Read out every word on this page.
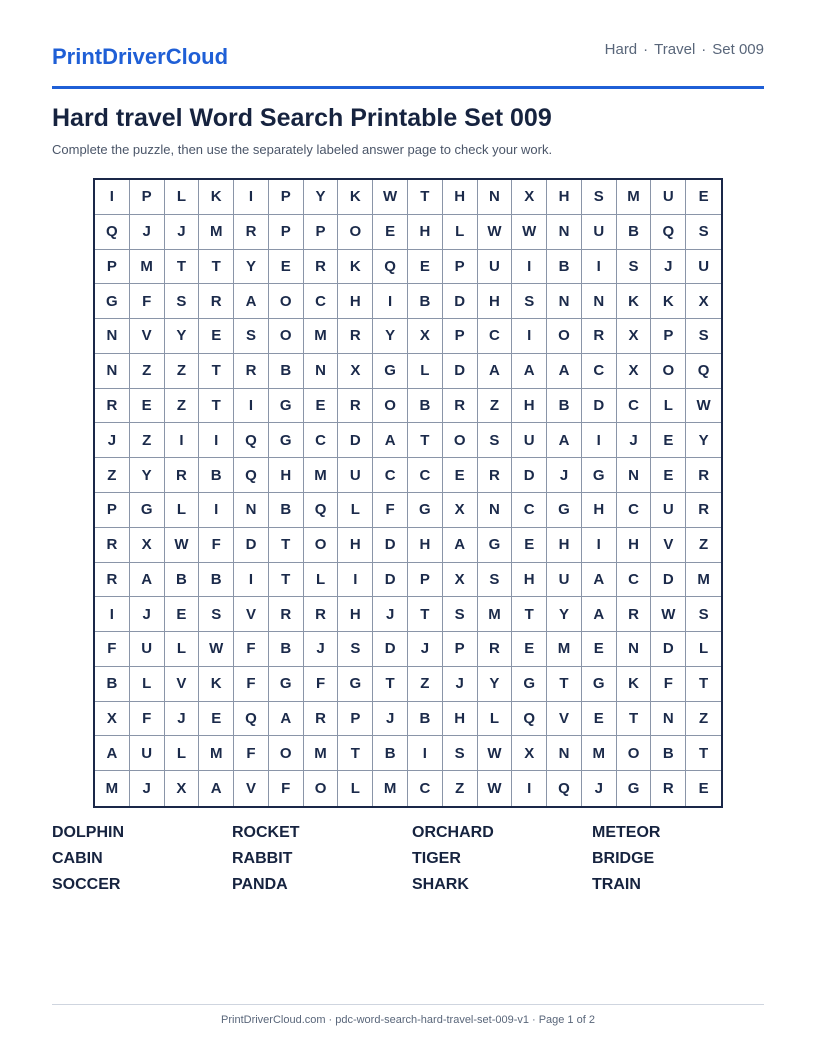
PrintDriverCloud	Hard · Travel · Set 009
Hard travel Word Search Printable Set 009
Complete the puzzle, then use the separately labeled answer page to check your work.
I	P	L	K	I	P	Y	K	W	T	H	N	X	H	S	M	U	E
Q	J	J	M	R	P	P	O	E	H	L	W	W	N	U	B	Q	S
P	M	T	T	Y	E	R	K	Q	E	P	U	I	B	I	S	J	U
G	F	S	R	A	O	C	H	I	B	D	H	S	N	N	K	K	X
N	V	Y	E	S	O	M	R	Y	X	P	C	I	O	R	X	P	S
N	Z	Z	T	R	B	N	X	G	L	D	A	A	A	C	X	O	Q
R	E	Z	T	I	G	E	R	O	B	R	Z	H	B	D	C	L	W
J	Z	I	I	Q	G	C	D	A	T	O	S	U	A	I	J	E	Y
Z	Y	R	B	Q	H	M	U	C	C	E	R	D	J	G	N	E	R
P	G	L	I	N	B	Q	L	F	G	X	N	C	G	H	C	U	R
R	X	W	F	D	T	O	H	D	H	A	G	E	H	I	H	V	Z
R	A	B	B	I	T	L	I	D	P	X	S	H	U	A	C	D	M
I	J	E	S	V	R	R	H	J	T	S	M	T	Y	A	R	W	S
F	U	L	W	F	B	J	S	D	J	P	R	E	M	E	N	D	L
B	L	V	K	F	G	F	G	T	Z	J	Y	G	T	G	K	F	T
X	F	J	E	Q	A	R	P	J	B	H	L	Q	V	E	T	N	Z
A	U	L	M	F	O	M	T	B	I	S	W	X	N	M	O	B	T
M	J	X	A	V	F	O	L	M	C	Z	W	I	Q	J	G	R	E
DOLPHIN	ROCKET	ORCHARD	METEOR
CABIN	RABBIT	TIGER	BRIDGE
SOCCER	PANDA	SHARK	TRAIN
PrintDriverCloud.com · pdc-word-search-hard-travel-set-009-v1 · Page 1 of 2
